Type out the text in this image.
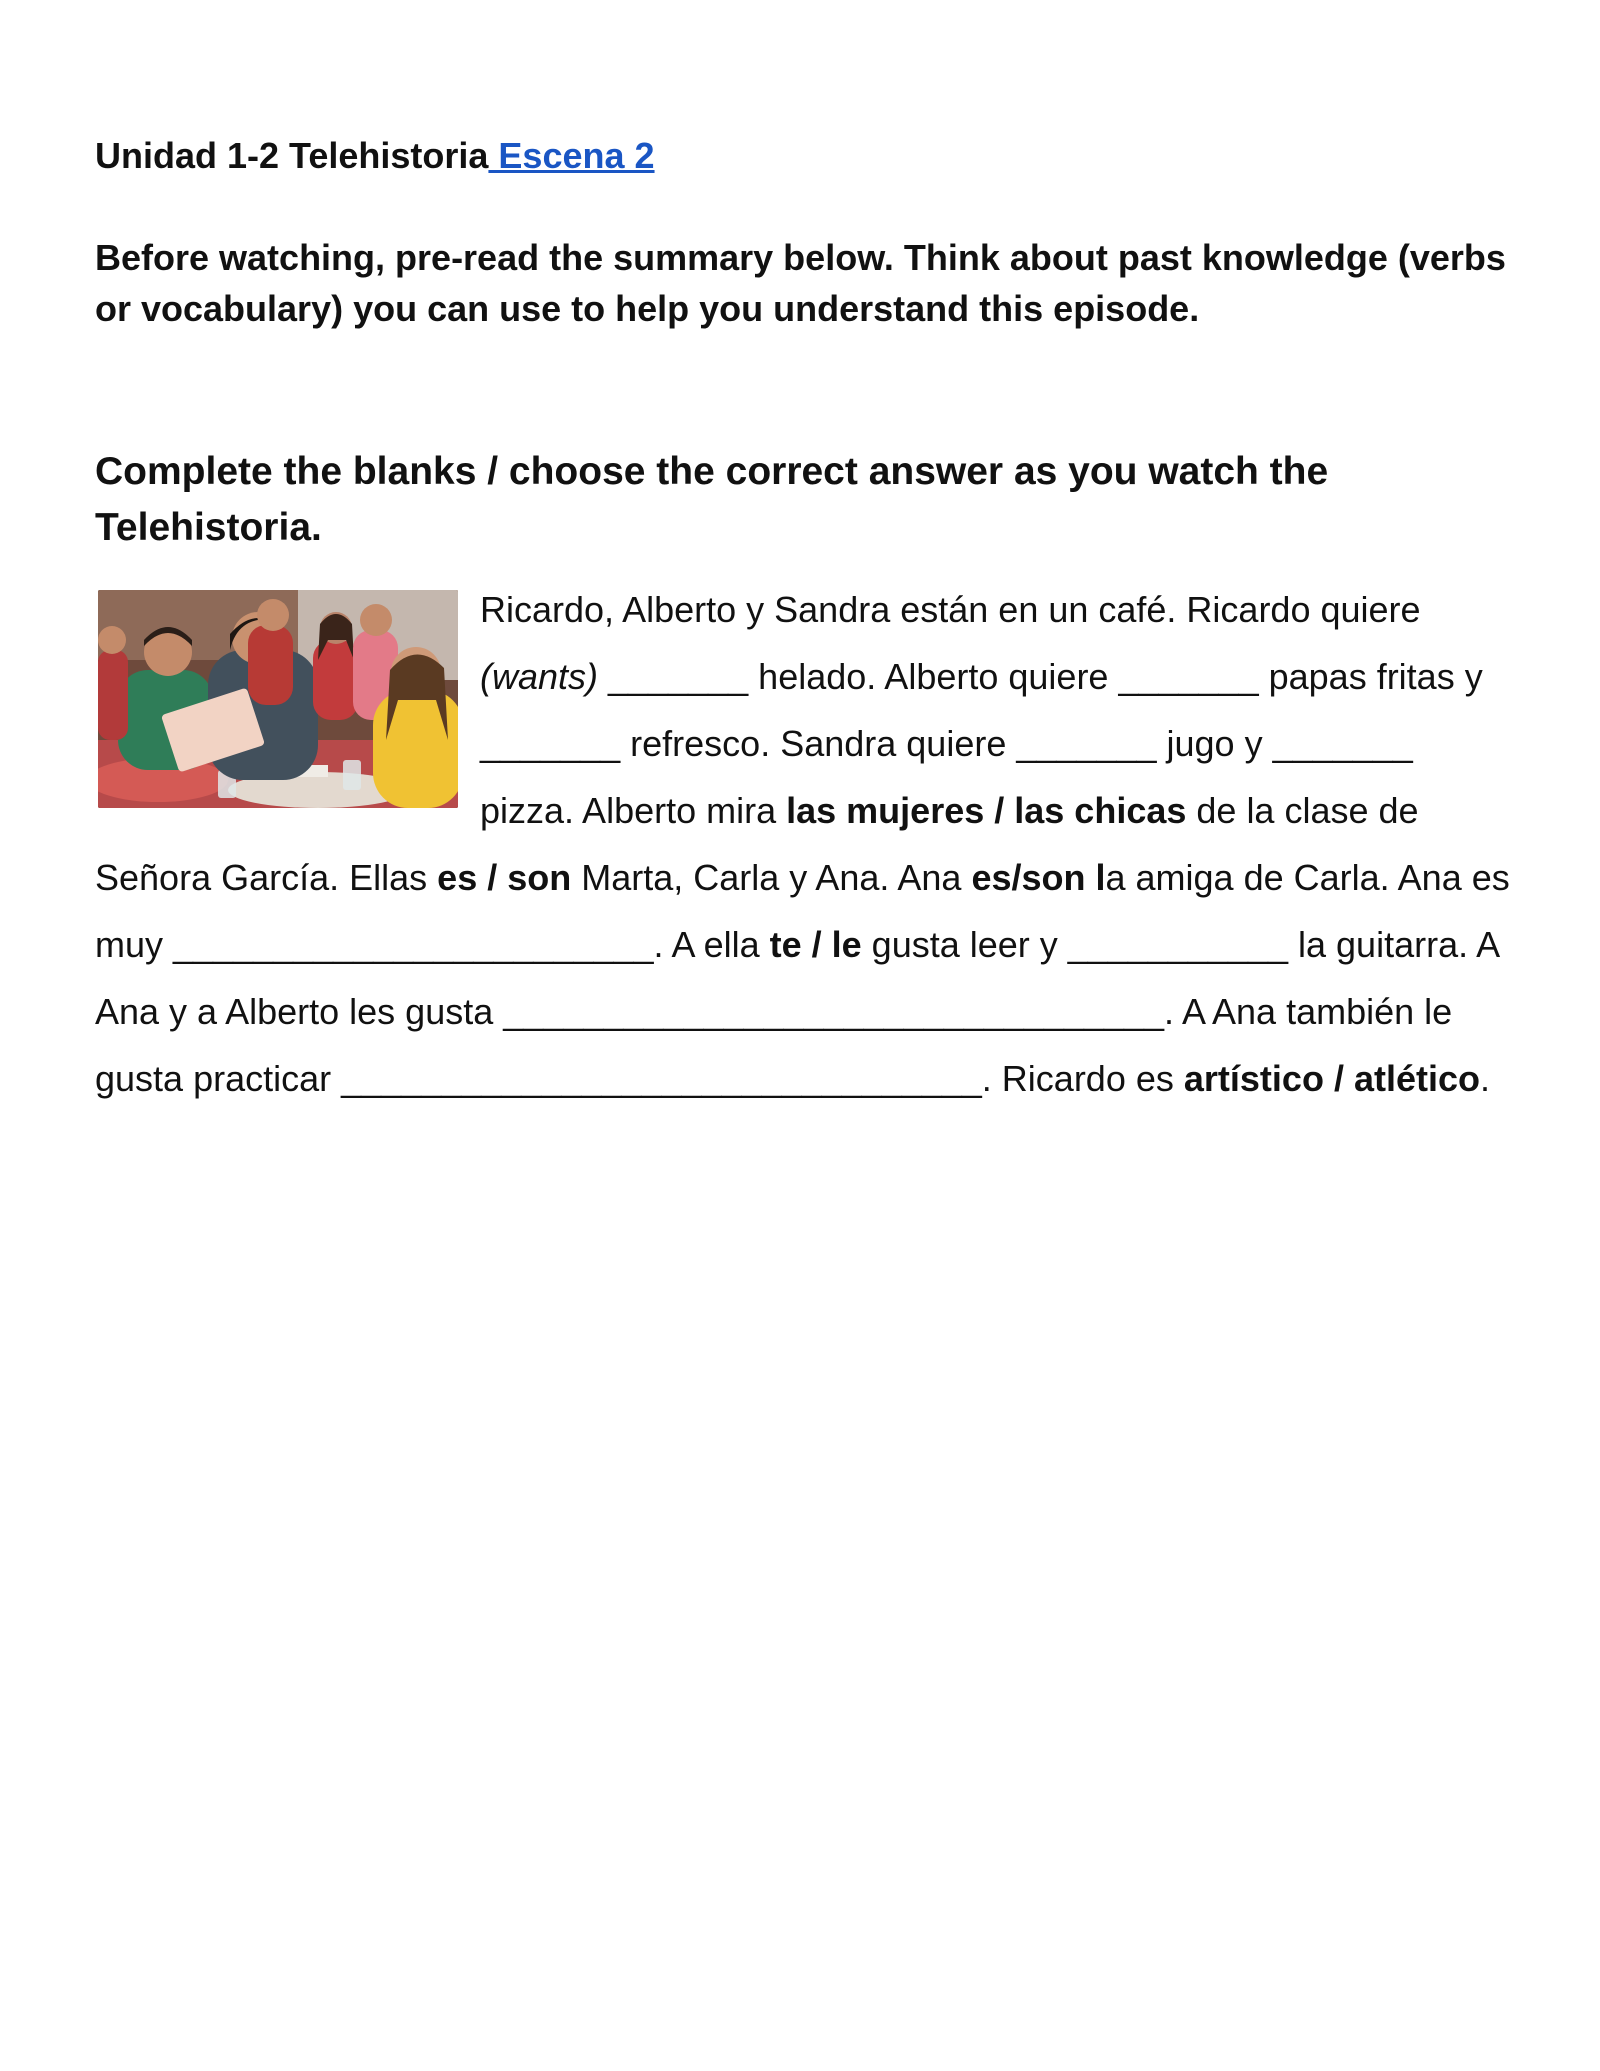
Unidad 1-2 Telehistoria Escena 2

Before watching, pre-read the summary below. Think about past knowledge (verbs or vocabulary) you can use to help you understand this episode.

Complete the blanks / choose the correct answer as you watch the Telehistoria.

Ricardo, Alberto y Sandra están en un café. Ricardo quiere (wants) _______ helado. Alberto quiere _______ papas fritas y _______ refresco. Sandra quiere _______ jugo y _______ pizza. Alberto mira las mujeres / las chicas de la clase de Señora García. Ellas es / son Marta, Carla y Ana. Ana es/son la amiga de Carla. Ana es muy ________________________. A ella te / le gusta leer y ___________ la guitarra. A Ana y a Alberto les gusta _________________________________. A Ana también le gusta practicar ________________________________. Ricardo es artístico / atlético.
